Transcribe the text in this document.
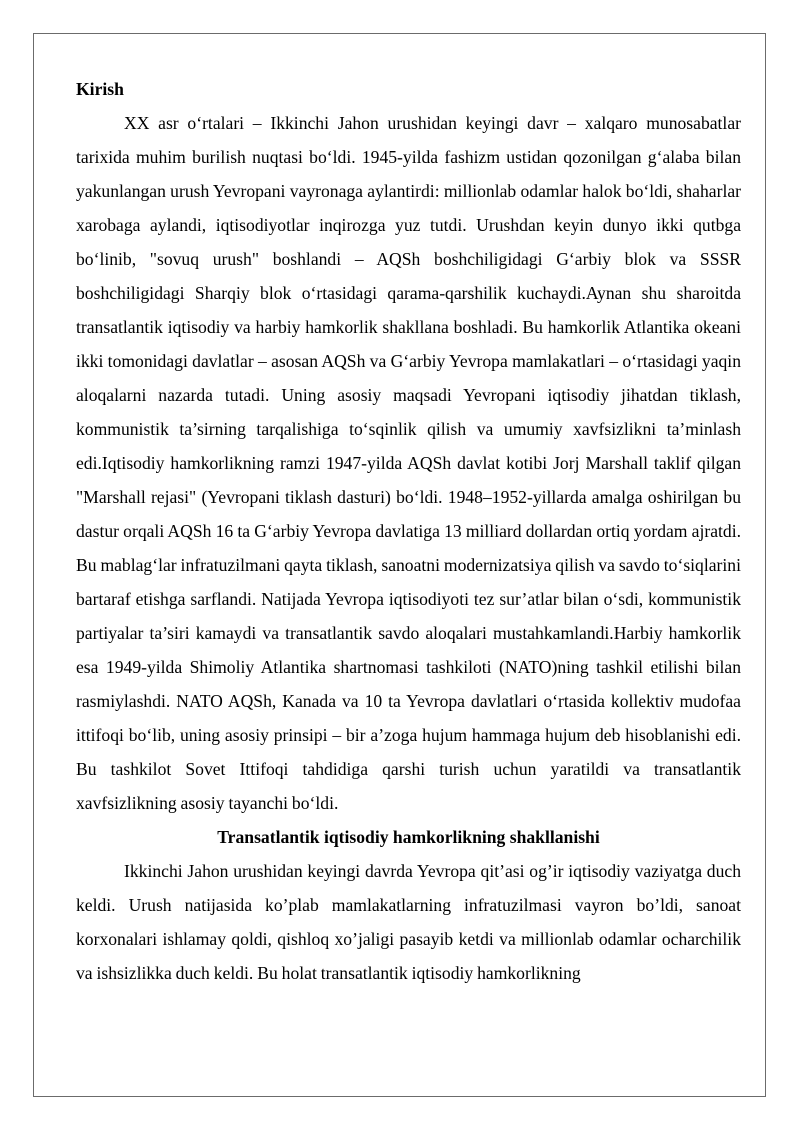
Kirish

XX asr o‘rtalari – Ikkinchi Jahon urushidan keyingi davr – xalqaro munosabatlar tarixida muhim burilish nuqtasi bo‘ldi. 1945-yilda fashizm ustidan qozonilgan g‘alaba bilan yakunlangan urush Yevropani vayronaga aylantirdi: millionlab odamlar halok bo‘ldi, shaharlar xarobaga aylandi, iqtisodiyotlar inqirozga yuz tutdi. Urushdan keyin dunyo ikki qutbga bo‘linib, "sovuq urush" boshlandi – AQSh boshchiligidagi G‘arbiy blok va SSSR boshchiligidagi Sharqiy blok o‘rtasidagi qarama-qarshilik kuchaydi.Aynan shu sharoitda transatlantik iqtisodiy va harbiy hamkorlik shakllana boshladi. Bu hamkorlik Atlantika okeani ikki tomonidagi davlatlar – asosan AQSh va G‘arbiy Yevropa mamlakatlari – o‘rtasidagi yaqin aloqalarni nazarda tutadi. Uning asosiy maqsadi Yevropani iqtisodiy jihatdan tiklash, kommunistik ta’sirning tarqalishiga to‘sqinlik qilish va umumiy xavfsizlikni ta’minlash edi.Iqtisodiy hamkorlikning ramzi 1947-yilda AQSh davlat kotibi Jorj Marshall taklif qilgan "Marshall rejasi" (Yevropani tiklash dasturi) bo‘ldi. 1948–1952-yillarda amalga oshirilgan bu dastur orqali AQSh 16 ta G‘arbiy Yevropa davlatiga 13 milliard dollardan ortiq yordam ajratdi. Bu mablag‘lar infratuzilmani qayta tiklash, sanoatni modernizatsiya qilish va savdo to‘siqlarini bartaraf etishga sarflandi. Natijada Yevropa iqtisodiyoti tez sur’atlar bilan o‘sdi, kommunistik partiyalar ta’siri kamaydi va transatlantik savdo aloqalari mustahkamlandi.Harbiy hamkorlik esa 1949-yilda Shimoliy Atlantika shartnomasi tashkiloti (NATO)ning tashkil etilishi bilan rasmiylashdi. NATO AQSh, Kanada va 10 ta Yevropa davlatlari o‘rtasida kollektiv mudofaa ittifoqi bo‘lib, uning asosiy prinsipi – bir a’zoga hujum hammaga hujum deb hisoblanishi edi. Bu tashkilot Sovet Ittifoqi tahdidiga qarshi turish uchun yaratildi va transatlantik xavfsizlikning asosiy tayanchi bo‘ldi.

Transatlantik iqtisodiy hamkorlikning shakllanishi

Ikkinchi Jahon urushidan keyingi davrda Yevropa qit’asi og’ir iqtisodiy vaziyatga duch keldi. Urush natijasida ko’plab mamlakatlarning infratuzilmasi vayron bo’ldi, sanoat korxonalari ishlamay qoldi, qishloq xo’jaligi pasayib ketdi va millionlab odamlar ocharchilik va ishsizlikka duch keldi. Bu holat transatlantik iqtisodiy hamkorlikning
